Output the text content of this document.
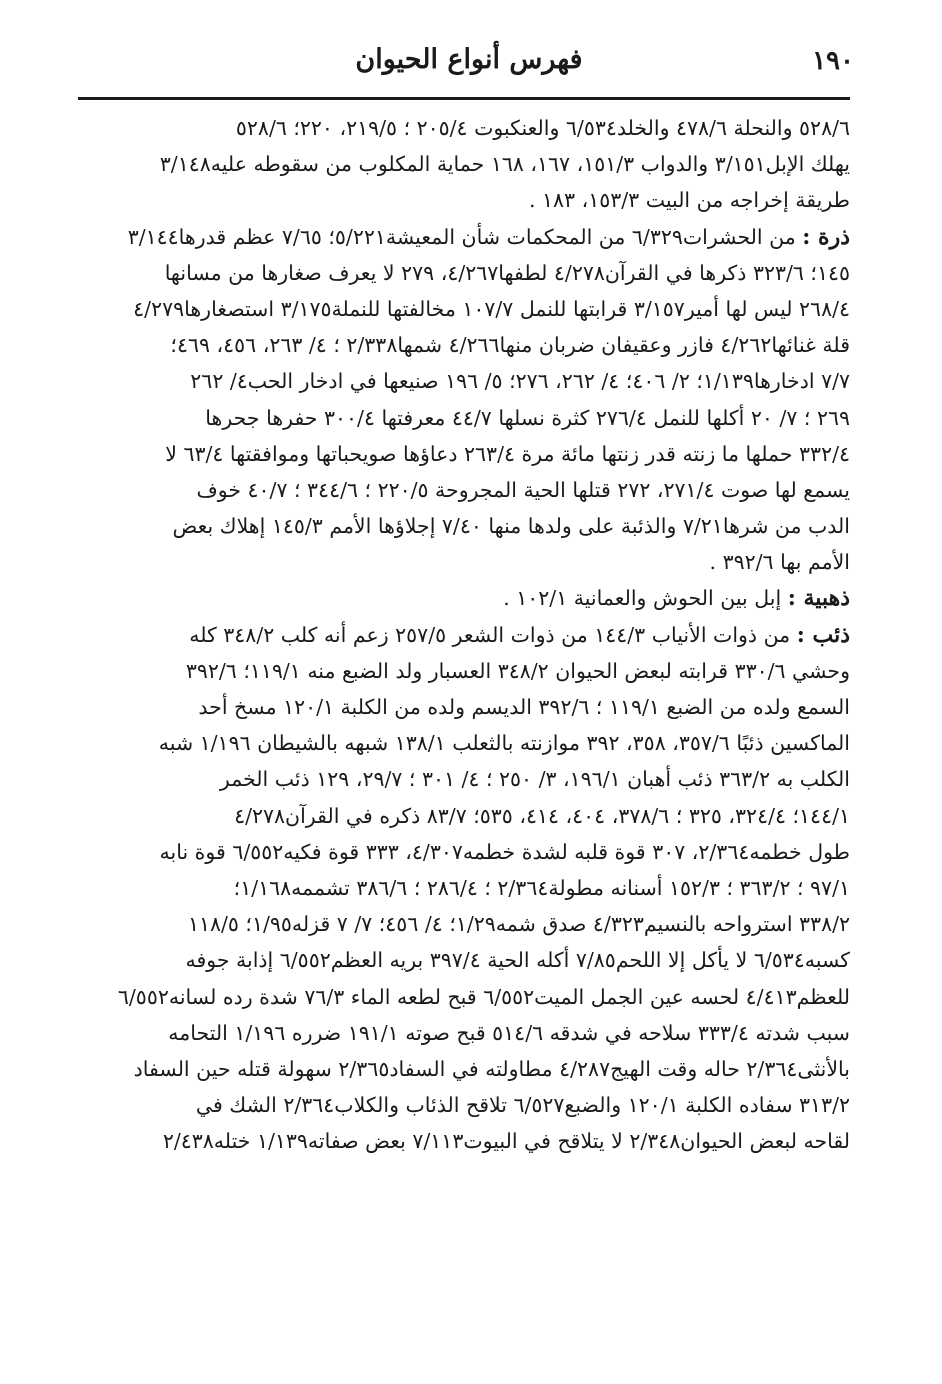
فهرس أنواع الحيوان	١٩٠
٥٢٨/٦ والنحلة ٤٧٨/٦ والخلد٦/٥٣٤ والعنكبوت ٢٠٥/٤ ؛ ٢١٩/٥، ٢٢٠؛ ٥٢٨/٦
يهلك الإبل٣/١٥١ والدواب ١٥١/٣، ١٦٧، ١٦٨ حماية المكلوب من سقوطه عليه٣/١٤٨
طريقة إخراجه من البيت ١٥٣/٣، ١٨٣ .
ذرة : من الحشرات٦/٣٢٩ من المحكمات شأن المعيشة٥/٢٢١؛ ٧/٦٥ عظم قدرها٣/١٤٤
١٤٥؛ ٣٢٣/٦ ذكرها في القرآن٤/٢٧٨ لطفها٤/٢٦٧، ٢٧٩ لا يعرف صغارها من مسانها
٢٦٨/٤ ليس لها أمير٣/١٥٧ قرابتها للنمل ١٠٧/٧ مخالفتها للنملة٣/١٧٥ استصغارها٤/٢٧٩
قلة غنائها٤/٢٦٢ فازر وعقيفان ضربان منها٤/٢٦٦ شمها٢/٣٣٨ ؛ ٤/ ٢٦٣، ٤٥٦، ٤٦٩؛
٧/٧ ادخارها١/١٣٩؛ ٢/ ٤٠٦؛ ٤/ ٢٦٢، ٢٧٦؛ ٥/ ١٩٦ صنيعها في ادخار الحب٤/ ٢٦٢
٢٦٩ ؛ ٧/ ٢٠ أكلها للنمل ٢٧٦/٤ كثرة نسلها ٤٤/٧ معرفتها ٣٠٠/٤ حفرها جحرها
٣٣٢/٤ حملها ما زنته قدر زنتها مائة مرة ٢٦٣/٤ دعاؤها صويحباتها وموافقتها ٦٣/٤ لا
يسمع لها صوت ٢٧١/٤، ٢٧٢ قتلها الحية المجروحة ٢٢٠/٥ ؛ ٣٤٤/٦ ؛ ٤٠/٧ خوف
الدب من شرها٧/٢١ والذئبة على ولدها منها ٧/٤٠ إجلاؤها الأمم ١٤٥/٣ إهلاك بعض
الأمم بها ٣٩٢/٦ .
ذهبية : إبل بين الحوش والعمانية ١٠٢/١ .
ذئب : من ذوات الأنياب ١٤٤/٣ من ذوات الشعر ٢٥٧/٥ زعم أنه كلب ٣٤٨/٢ كله
وحشي ٣٣٠/٦ قرابته لبعض الحيوان ٣٤٨/٢ العسبار ولد الضبع منه ١١٩/١؛ ٣٩٢/٦
السمع ولده من الضبع ١١٩/١ ؛ ٣٩٢/٦ الديسم ولده من الكلبة ١٢٠/١ مسخ أحد
الماكسين ذئبًا ٣٥٧/٦، ٣٥٨، ٣٩٢ موازنته بالثعلب ١٣٨/١ شبهه بالشيطان ١/١٩٦ شبه
الكلب به ٣٦٣/٢ ذئب أهبان ١٩٦/١، ٣/ ٢٥٠ ؛ ٤/ ٣٠١ ؛ ٢٩/٧، ١٢٩ ذئب الخمر
١٤٤/١؛ ٣٢٤/٤، ٣٢٥ ؛ ٣٧٨/٦، ٤٠٤، ٤١٤، ٥٣٥؛ ٨٣/٧ ذكره في القرآن٤/٢٧٨
طول خطمه٢/٣٦٤، ٣٠٧ قوة قلبه لشدة خطمه٤/٣٠٧، ٣٣٣ قوة فكيه٦/٥٥٢ قوة نابه
٩٧/١ ؛ ٣٦٣/٢ ؛ ١٥٢/٣ أسنانه مطولة٢/٣٦٤ ؛ ٢٨٦/٤ ؛ ٣٨٦/٦ تشممه١/١٦٨؛
٣٣٨/٢ استرواحه بالنسيم٤/٣٢٣ صدق شمه١/٢٩؛ ٤/ ٤٥٦؛ ٧/ ٧ قزله١/٩٥؛ ١١٨/٥
كسبه٦/٥٣٤ لا يأكل إلا اللحم٧/٨٥ أكله الحية ٣٩٧/٤ بريه العظم٦/٥٥٢ إذابة جوفه
للعظم٤/٤١٣ لحسه عين الجمل الميت٦/٥٥٢ قبح لطعه الماء ٧٦/٣ شدة رده لسانه٦/٥٥٢
سبب شدته ٣٣٣/٤ سلاحه في شدقه ٥١٤/٦ قبح صوته ١٩١/١ ضرره ١/١٩٦ التحامه
بالأنثى٢/٣٦٤ حاله وقت الهيج٤/٢٨٧ مطاولته في السفاد٢/٣٦٥ سهولة قتله حين السفاد
٣١٣/٢ سفاده الكلبة ١٢٠/١ والضبع٦/٥٢٧ تلاقح الذئاب والكلاب٢/٣٦٤ الشك في
لقاحه لبعض الحيوان٢/٣٤٨ لا يتلاقح في البيوت٧/١١٣ بعض صفاته١/١٣٩ ختله٢/٤٣٨
